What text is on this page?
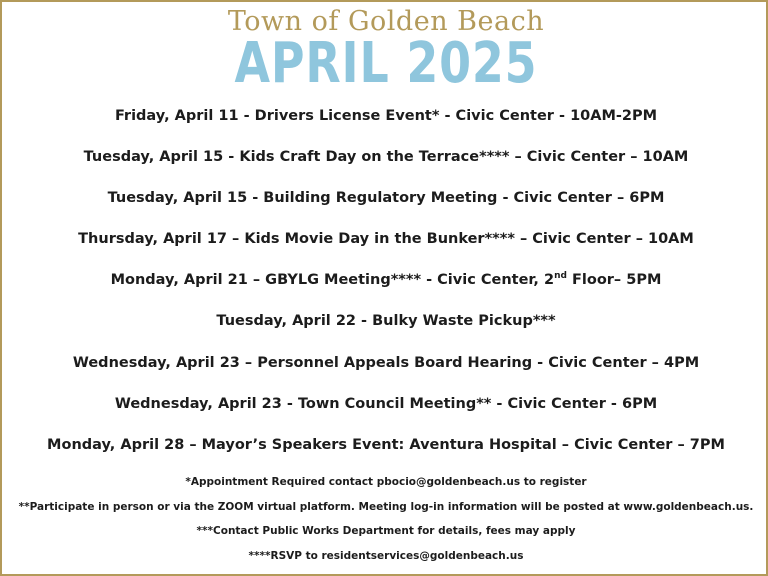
Town of Golden Beach
APRIL 2025
Friday, April 11 - Drivers License Event* - Civic Center - 10AM-2PM
Tuesday, April 15 - Kids Craft Day on the Terrace**** – Civic Center – 10AM
Tuesday, April 15 - Building Regulatory Meeting - Civic Center – 6PM
Thursday, April 17 – Kids Movie Day in the Bunker**** – Civic Center – 10AM
Monday, April 21 – GBYLG Meeting**** - Civic Center, 2nd Floor– 5PM
Tuesday, April 22 - Bulky Waste Pickup***
Wednesday, April 23 – Personnel Appeals Board Hearing - Civic Center – 4PM
Wednesday, April 23 - Town Council Meeting** - Civic Center - 6PM
Monday, April 28 – Mayor’s Speakers Event: Aventura Hospital – Civic Center – 7PM
*Appointment Required contact pbocio@goldenbeach.us to register
**Participate in person or via the ZOOM virtual platform. Meeting log-in information will be posted at www.goldenbeach.us.
***Contact Public Works Department for details, fees may apply
****RSVP to residentservices@goldenbeach.us
